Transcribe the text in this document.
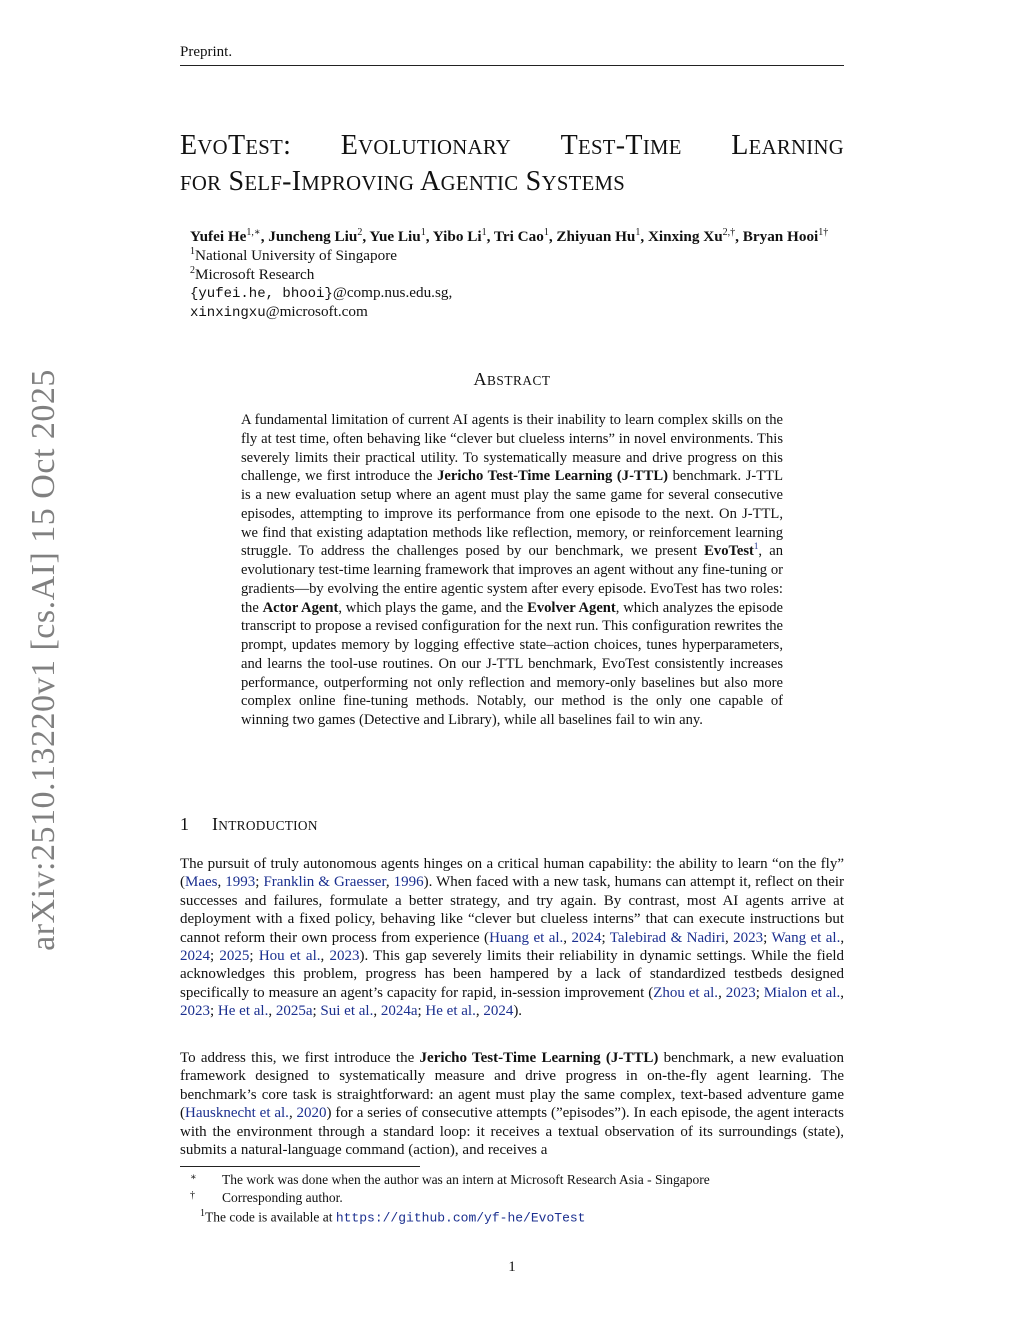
Preprint.
arXiv:2510.13220v1 [cs.AI] 15 Oct 2025
EVOTEST: EVOLUTIONARY TEST-TIME LEARNING
FOR SELF-IMPROVING AGENTIC SYSTEMS
Yufei $He^{1,∗}$, Juncheng Liu$^2$, Yue Liu$^1$, Yibo Li$^1$, Tri Cao$^1$, Zhiyuan Hu$^1$, Xinxing $Xu^{2,\dagger}$, Bryan Hooi$^{1\dagger}$
$^1$National University of Singapore
$^2$Microsoft Research
{yufei.he, bhooi}@comp.nus.edu.sg,
xinxingxu@microsoft.com
ABSTRACT
A fundamental limitation of current AI agents is their inability to learn complex skills on the fly at test time, often behaving like “clever but clueless interns” in novel environments. This severely limits their practical utility. To systematically measure and drive progress on this challenge, we first introduce the Jericho Test-Time Learning (J-TTL) benchmark. J-TTL is a new evaluation setup where an agent must play the same game for several consecutive episodes, attempting to improve its performance from one episode to the next. On J-TTL, we find that existing adaptation methods like reflection, memory, or reinforcement learning struggle. To address the challenges posed by our benchmark, we present EvoTest$^1$, an evolutionary test-time learning framework that improves an agent without any fine-tuning or gradients—by evolving the entire agentic system after every episode. EvoTest has two roles: the Actor Agent, which plays the game, and the Evolver Agent, which analyzes the episode transcript to propose a revised configuration for the next run. This configuration rewrites the prompt, updates memory by logging effective state–action choices, tunes hyperparameters, and learns the tool-use routines. On our J-TTL benchmark, EvoTest consistently increases performance, outperforming not only reflection and memory-only baselines but also more complex online fine-tuning methods. Notably, our method is the only one capable of winning two games (Detective and Library), while all baselines fail to win any.
1 INTRODUCTION
The pursuit of truly autonomous agents hinges on a critical human capability: the ability to learn “on the fly” (Maes, 1993; Franklin & Graesser, 1996). When faced with a new task, humans can attempt it, reflect on their successes and failures, formulate a better strategy, and try again. By contrast, most AI agents arrive at deployment with a fixed policy, behaving like “clever but clueless interns” that can execute instructions but cannot reform their own process from experience (Huang et al., 2024; Talebirad & Nadiri, 2023; Wang et al., 2024; 2025; Hou et al., 2023). This gap severely limits their reliability in dynamic settings. While the field acknowledges this problem, progress has been hampered by a lack of standardized testbeds designed specifically to measure an agent’s capacity for rapid, in-session improvement (Zhou et al., 2023; Mialon et al., 2023; He et al., 2025a; Sui et al., 2024a; He et al., 2024).
To address this, we first introduce the Jericho Test-Time Learning (J-TTL) benchmark, a new evaluation framework designed to systematically measure and drive progress in on-the-fly agent learning. The benchmark’s core task is straightforward: an agent must play the same complex, text-based adventure game (Hausknecht et al., 2020) for a series of consecutive attempts (”episodes”). In each episode, the agent interacts with the environment through a standard loop: it receives a textual observation of its surroundings (state), submits a natural-language command (action), and receives a
∗ The work was done when the author was an intern at Microsoft Research Asia - Singapore
† Corresponding author.
$^1$The code is available at https://github.com/yf-he/EvoTest
1
